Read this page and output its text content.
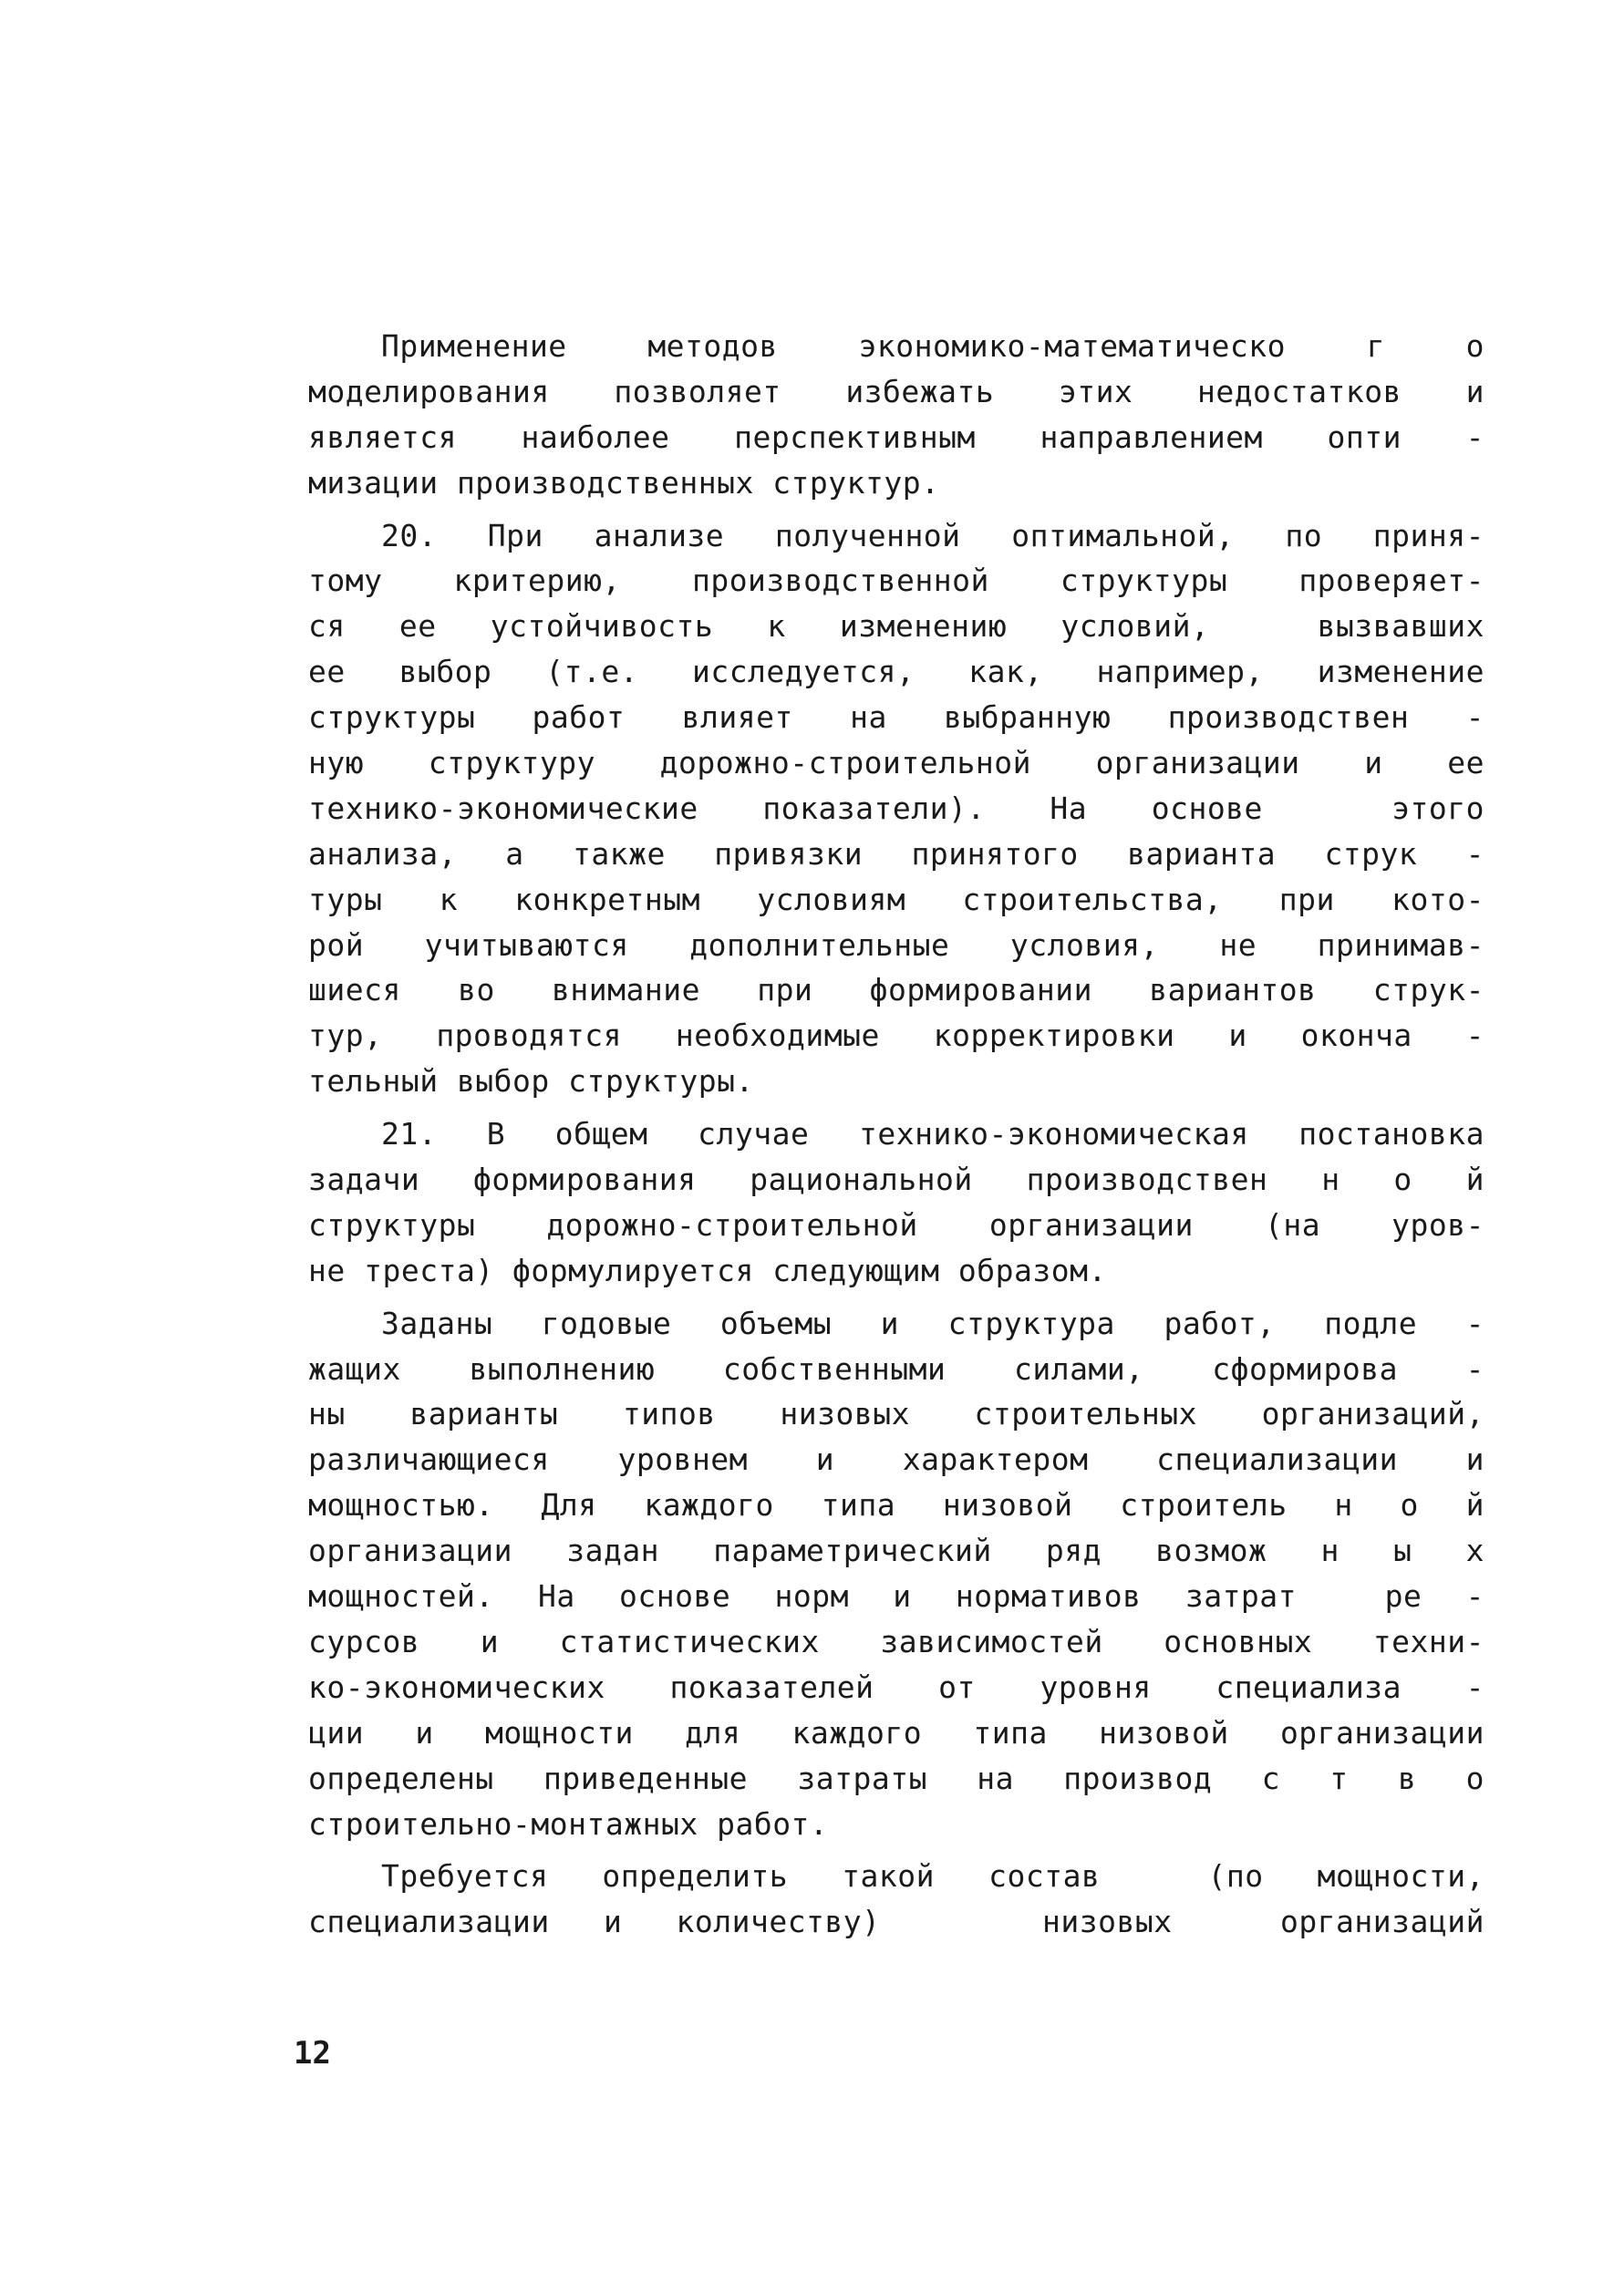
Применение методов экономико-математическо г о
моделирования позволяет избежать этих недостатков и
является наиболее перспективным направлением опти -
мизации производственных структур.
20. При анализе полученной оптимальной, по приня-
тому критерию, производственной структуры проверяет-
ся ее устойчивость к изменению условий,  вызвавших
ее выбор (т.е. исследуется, как, например, изменение
структуры работ влияет на выбранную производствен -
ную структуру дорожно-строительной организации и ее
технико-экономические показатели). На основе  этого
анализа, а также привязки принятого варианта струк -
туры к конкретным условиям строительства, при кото-
рой учитываются дополнительные условия, не принимав-
шиеся во внимание при формировании вариантов струк-
тур, проводятся необходимые корректировки и оконча -
тельный выбор структуры.
21. В общем случае технико-экономическая постановка
задачи формирования рациональной производствен н о й
структуры дорожно-строительной организации (на уров-
не треста) формулируется следующим образом.
Заданы годовые объемы и структура работ, подле -
жащих выполнению собственными силами, сформирова -
ны варианты типов низовых строительных организаций,
различающиеся уровнем и характером специализации и
мощностью. Для каждого типа низовой строитель н о й
организации задан параметрический ряд возмож н ы х
мощностей. На основе норм и нормативов затрат  ре -
сурсов и статистических зависимостей основных техни-
ко-экономических показателей от уровня специализа -
ции и мощности для каждого типа низовой организации
определены приведенные затраты на производ с т в о
строительно-монтажных работ.
Требуется определить такой состав  (по мощности,
специализации и количеству)   низовых  организаций
12
